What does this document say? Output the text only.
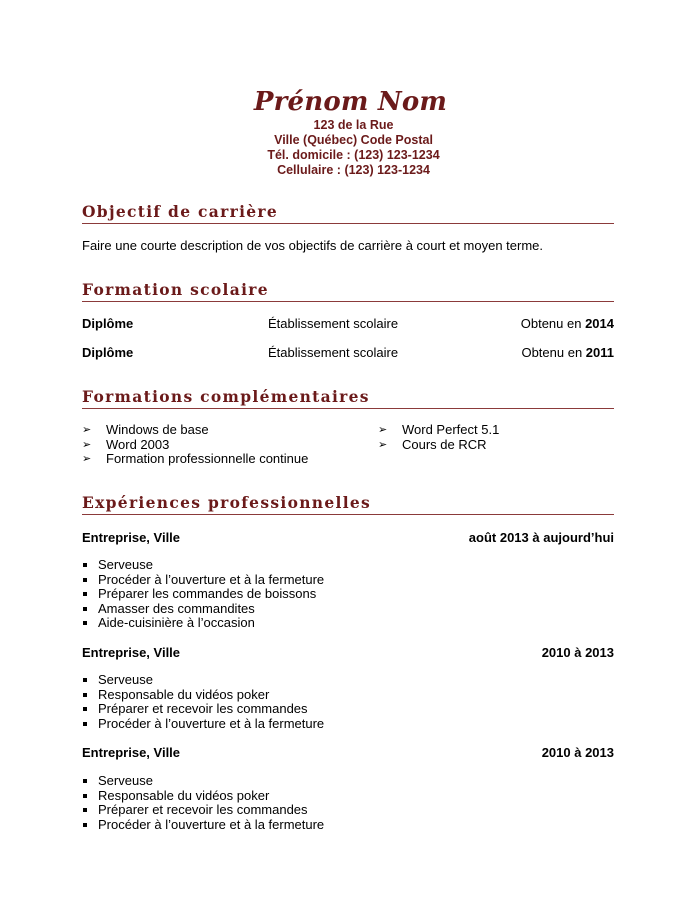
Prénom Nom
123 de la Rue
Ville (Québec) Code Postal
Tél. domicile : (123) 123-1234
Cellulaire : (123) 123-1234
Objectif de carrière
Faire une courte description de vos objectifs de carrière à court et moyen terme.
Formation scolaire
Diplôme	Établissement scolaire	Obtenu en 2014
Diplôme	Établissement scolaire	Obtenu en 2011
Formations complémentaires
➢ Windows de base
➢ Word 2003
➢ Formation professionnelle continue
➢ Word Perfect 5.1
➢ Cours de RCR
Expériences professionnelles
Entreprise, Ville	août 2013 à aujourd’hui
Serveuse
Procéder à l’ouverture et à la fermeture
Préparer les commandes de boissons
Amasser des commandites
Aide-cuisinière à l’occasion
Entreprise, Ville	2010 à 2013
Serveuse
Responsable du vidéos poker
Préparer et recevoir les commandes
Procéder à l’ouverture et à la fermeture
Entreprise, Ville	2010 à 2013
Serveuse
Responsable du vidéos poker
Préparer et recevoir les commandes
Procéder à l’ouverture et à la fermeture
